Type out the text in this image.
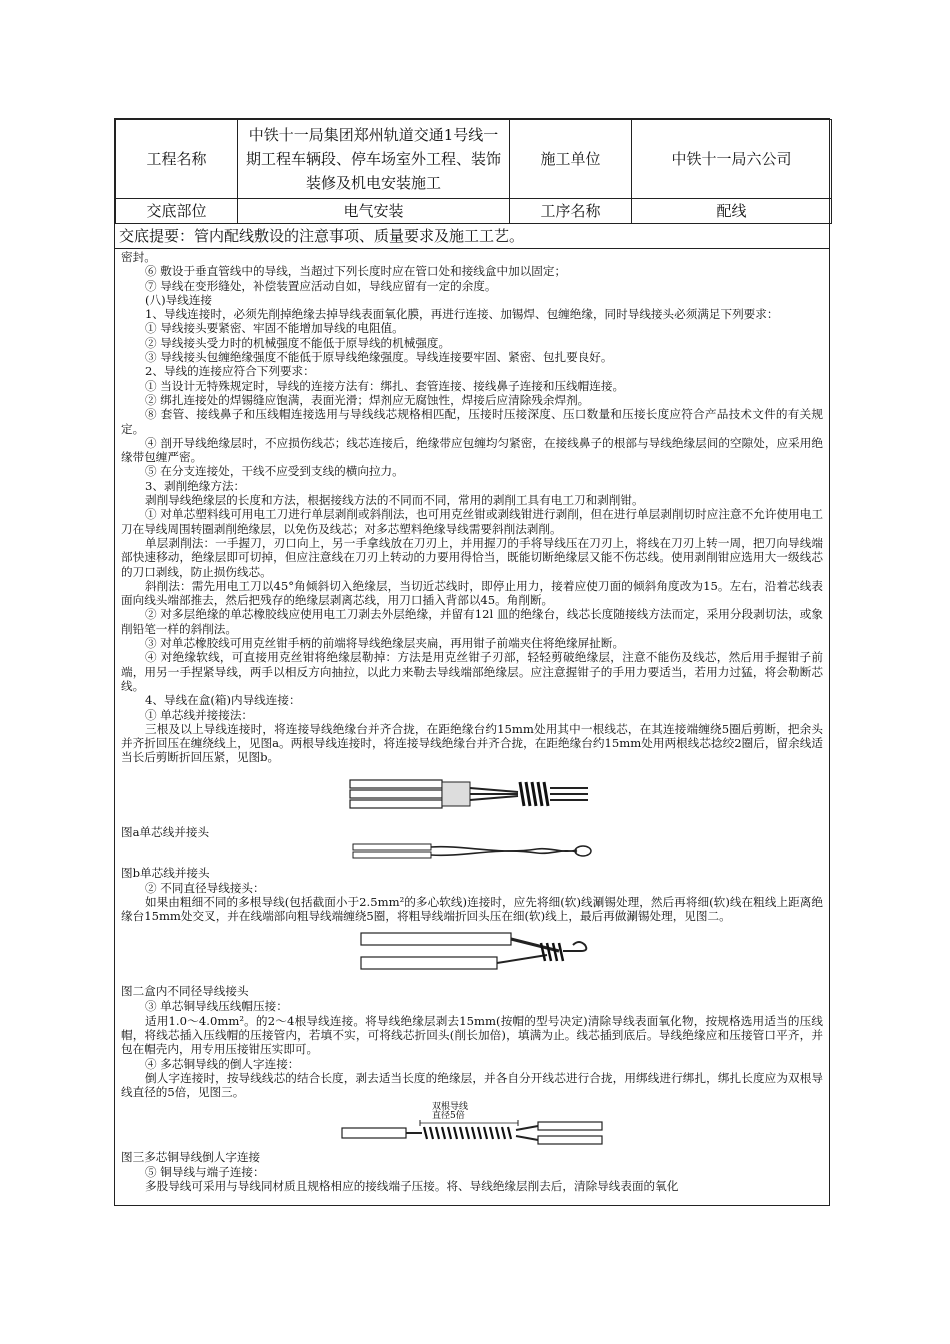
工程名称	中铁十一局集团郑州轨道交通1号线一期工程车辆段、停车场室外工程、装饰装修及机电安装施工	施工单位	中铁十一局六公司
交底部位	电气安装	工序名称	配线
交底提要：管内配线敷设的注意事项、质量要求及施工工艺。

密封。

⑥ 敷设于垂直管线中的导线，当超过下列长度时应在管口处和接线盒中加以固定；

⑦ 导线在变形缝处，补偿装置应活动自如，导线应留有一定的余度。

(八)导线连接

1、导线连接时，必须先削掉绝缘去掉导线表面氧化膜，再进行连接、加锡焊、包缠绝缘，同时导线接头必须满足下列要求：

① 导线接头要紧密、牢固不能增加导线的电阻值。

② 导线接头受力时的机械强度不能低于原导线的机械强度。

③ 导线接头包缠绝缘强度不能低于原导线绝缘强度。导线连接要牢固、紧密、包扎要良好。

2、导线的连接应符合下列要求：

① 当设计无特殊规定时，导线的连接方法有：绑扎、套管连接、接线鼻子连接和压线帽连接。

② 绑扎连接处的焊锡缝应饱满，表面光滑；焊剂应无腐蚀性，焊接后应清除残余焊剂。

⑧ 套管、接线鼻子和压线帽连接选用与导线线芯规格相匹配，压接时压接深度、压口数量和压接长度应符合产品技术文件的有关规定。

④ 剖开导线绝缘层时，不应损伤线芯；线芯连接后，绝缘带应包缠均匀紧密，在接线鼻子的根部与导线绝缘层间的空隙处，应采用绝缘带包缠严密。

⑤ 在分支连接处，干线不应受到支线的横向拉力。

3、剥削绝缘方法：

剥削导线绝缘层的长度和方法，根据接线方法的不同而不同，常用的剥削工具有电工刀和剥削钳。

① 对单芯塑料线可用电工刀进行单层剥削或斜削法，也可用克丝钳或剥线钳进行剥削，但在进行单层剥削切时应注意不允许使用电工刀在导线周围转圈剥削绝缘层，以免伤及线芯；对多芯塑料绝缘导线需要斜削法剥削。

单层剥削法：一手握刀，刃口向上，另一手拿线放在刀刃上，并用握刀的手将导线压在刀刃上，将线在刀刃上转一周，把刀向导线端部快速移动，绝缘层即可切掉，但应注意线在刀刃上转动的力要用得恰当，既能切断绝缘层又能不伤芯线。使用剥削钳应选用大一级线芯的刀口剥线，防止损伤线芯。

斜削法：需先用电工刀以45°角倾斜切入绝缘层，当切近芯线时，即停止用力，接着应使刀面的倾斜角度改为15。左右，沿着芯线表面向线头端部推去，然后把残存的绝缘层剥离芯线，用刀口插入背部以45。角削断。

② 对多层绝缘的单芯橡胶线应使用电工刀剥去外层绝缘，并留有12l 皿的绝缘台，线芯长度随接线方法而定，采用分段剥切法，或象削铅笔一样的斜削法。

③ 对单芯橡胶线可用克丝钳手柄的前端将导线绝缘层夹扁，再用钳子前端夹住将绝缘屏扯断。

④ 对绝缘软线，可直接用克丝钳将绝缘层勒掉：方法是用克丝钳子刃部，轻轻剪破绝缘层，注意不能伤及线芯，然后用手握钳子前端，用另一手捏紧导线，两手以相反方向抽拉，以此力来勒去导线端部绝缘层。应注意握钳子的手用力要适当，若用力过猛，将会勒断芯线。

4、导线在盒(箱)内导线连接：

① 单芯线并接接法：

三根及以上导线连接时，将连接导线绝缘台并齐合拢，在距绝缘台约15mm处用其中一根线芯，在其连接端缠绕5圈后剪断，把余头并齐折回压在缠绕线上，见图a。两根导线连接时，将连接导线绝缘台并齐合拢，在距绝缘台约15mm处用两根线芯捻绞2圈后，留余线适当长后剪断折回压紧，见图b。

图a单芯线并接头

图b单芯线并接头

② 不同直径导线接头：

如果由粗细不同的多根导线(包括截面小于2.5mm²的多心软线)连接时，应先将细(软)线涮锡处理，然后再将细(软)线在粗线上距离绝缘台15mm处交叉，并在线端部向粗导线端缠绕5圈，将粗导线端折回头压在细(软)线上，最后再做涮锡处理，见图二。

图二盒内不同径导线接头

③ 单芯铜导线压线帽压接：

适用1.0～4.0mm²。的2～4根导线连接。将导线绝缘层剥去15mm(按帽的型号决定)清除导线表面氧化物，按规格选用适当的压线帽，将线芯插入压线帽的压接管内，若填不实，可将线芯折回头(削长加倍)，填满为止。线芯插到底后。导线绝缘应和压接管口平齐，并包在帽壳内，用专用压接钳压实即可。

④ 多芯铜导线的倒人字连接：

倒人字连接时，按导线线芯的结合长度，剥去适当长度的绝缘层，并各自分开线芯进行合拢，用绑线进行绑扎，绑扎长度应为双根导线直径的5倍，见图三。

双根导线
直径5倍

图三多芯铜导线倒人字连接

⑤ 铜导线与端子连接：

多股导线可采用与导线同材质且规格相应的接线端子压接。将、导线绝缘层削去后，清除导线表面的氧化
